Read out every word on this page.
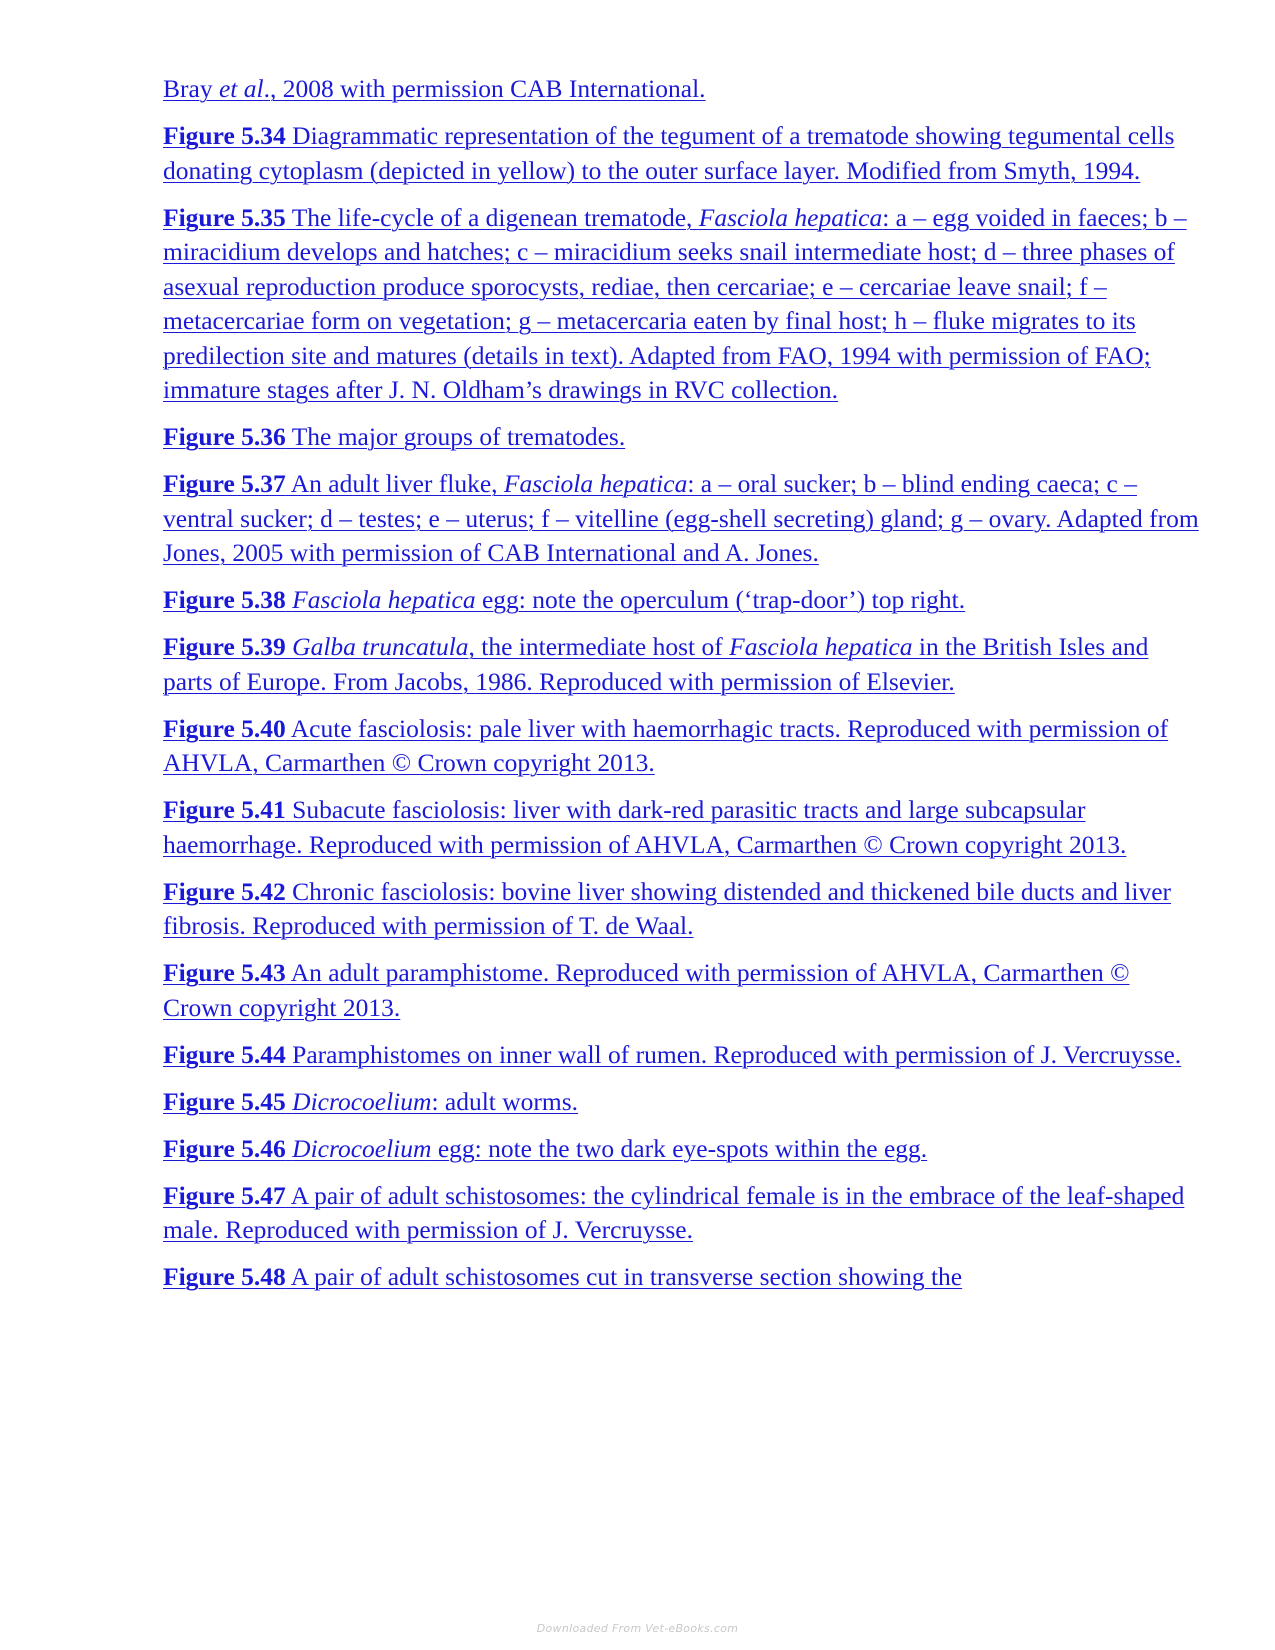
Bray et al., 2008 with permission CAB International.

Figure 5.34 Diagrammatic representation of the tegument of a trematode showing tegumental cells donating cytoplasm (depicted in yellow) to the outer surface layer. Modified from Smyth, 1994.

Figure 5.35 The life-cycle of a digenean trematode, Fasciola hepatica: a – egg voided in faeces; b – miracidium develops and hatches; c – miracidium seeks snail intermediate host; d – three phases of asexual reproduction produce sporocysts, rediae, then cercariae; e – cercariae leave snail; f – metacercariae form on vegetation; g – metacercaria eaten by final host; h – fluke migrates to its predilection site and matures (details in text). Adapted from FAO, 1994 with permission of FAO; immature stages after J. N. Oldham’s drawings in RVC collection.

Figure 5.36 The major groups of trematodes.

Figure 5.37 An adult liver fluke, Fasciola hepatica: a – oral sucker; b – blind ending caeca; c – ventral sucker; d – testes; e – uterus; f – vitelline (egg-shell secreting) gland; g – ovary. Adapted from Jones, 2005 with permission of CAB International and A. Jones.

Figure 5.38 Fasciola hepatica egg: note the operculum (‘trap-door’) top right.

Figure 5.39 Galba truncatula, the intermediate host of Fasciola hepatica in the British Isles and parts of Europe. From Jacobs, 1986. Reproduced with permission of Elsevier.

Figure 5.40 Acute fasciolosis: pale liver with haemorrhagic tracts. Reproduced with permission of AHVLA, Carmarthen © Crown copyright 2013.

Figure 5.41 Subacute fasciolosis: liver with dark-red parasitic tracts and large subcapsular haemorrhage. Reproduced with permission of AHVLA, Carmarthen © Crown copyright 2013.

Figure 5.42 Chronic fasciolosis: bovine liver showing distended and thickened bile ducts and liver fibrosis. Reproduced with permission of T. de Waal.

Figure 5.43 An adult paramphistome. Reproduced with permission of AHVLA, Carmarthen © Crown copyright 2013.

Figure 5.44 Paramphistomes on inner wall of rumen. Reproduced with permission of J. Vercruysse.

Figure 5.45 Dicrocoelium: adult worms.

Figure 5.46 Dicrocoelium egg: note the two dark eye-spots within the egg.

Figure 5.47 A pair of adult schistosomes: the cylindrical female is in the embrace of the leaf-shaped male. Reproduced with permission of J. Vercruysse.

Figure 5.48 A pair of adult schistosomes cut in transverse section showing the

Downloaded From Vet-eBooks.com
